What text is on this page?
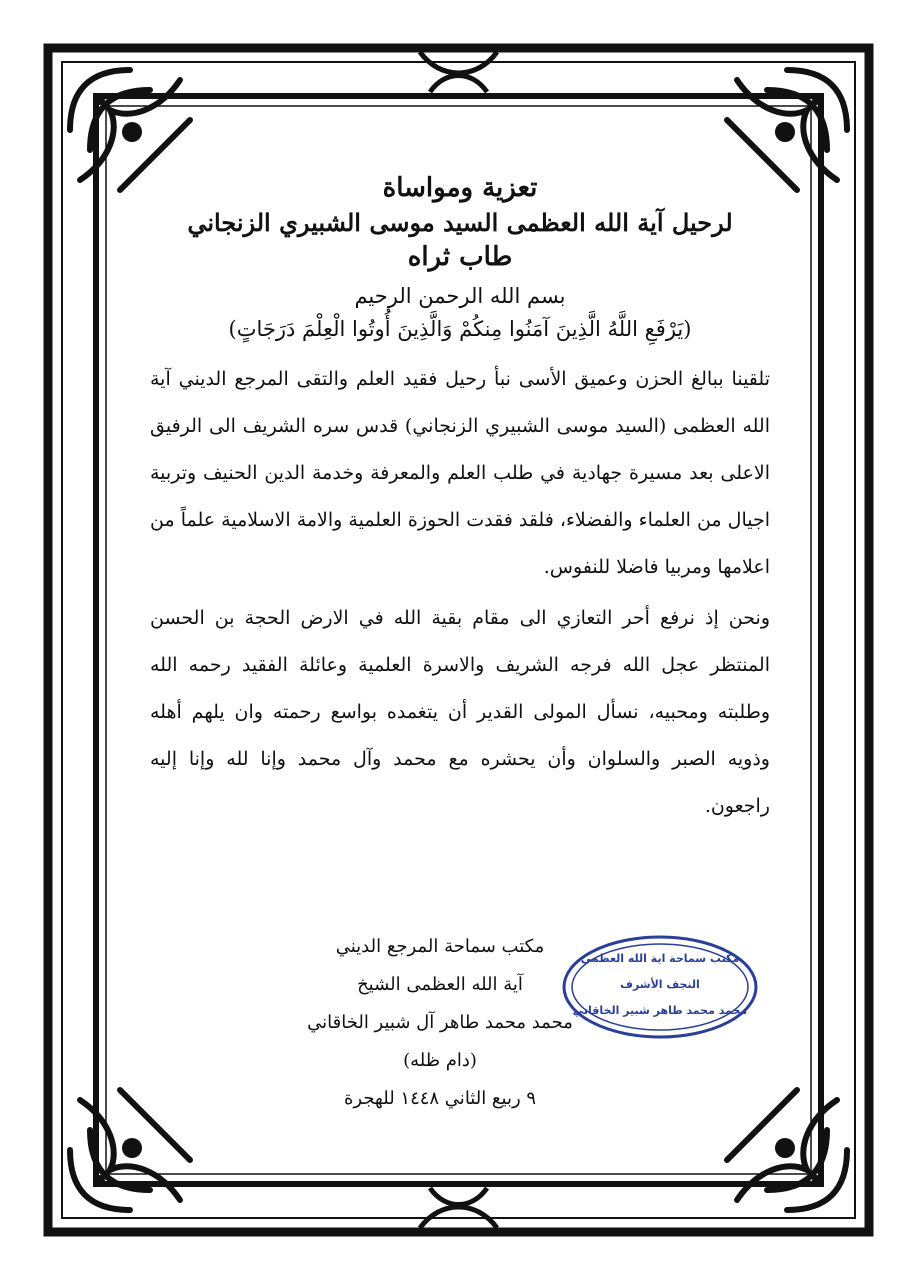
تعزية ومواساة

لرحيل آية الله العظمى السيد موسى الشبيري الزنجاني

طاب ثراه

بسم الله الرحمن الرحيم
(يَرْفَعِ اللَّهُ الَّذِينَ آمَنُوا مِنكُمْ وَالَّذِينَ أُوتُوا الْعِلْمَ دَرَجَاتٍ)

تلقينا ببالغ الحزن وعميق الأسى نبأ رحيل فقيد العلم والتقى المرجع الديني آية الله العظمى (السيد موسى الشبيري الزنجاني) قدس سره الشريف الى الرفيق الاعلى بعد مسيرة جهادية في طلب العلم والمعرفة وخدمة الدين الحنيف وتربية اجيال من العلماء والفضلاء، فلقد فقدت الحوزة العلمية والامة الاسلامية علماً من اعلامها ومربيا فاضلا للنفوس.

ونحن إذ نرفع أحر التعازي الى مقام بقية الله في الارض الحجة بن الحسن المنتظر عجل الله فرجه الشريف والاسرة العلمية وعائلة الفقيد رحمه الله وطلبته ومحبيه، نسأل المولى القدير أن يتغمده بواسع رحمته وان يلهم أهله وذويه الصبر والسلوان وأن يحشره مع محمد وآل محمد وإنا لله وإنا إليه راجعون.

مكتب سماحة المرجع الديني
آية الله العظمى الشيخ
محمد محمد طاهر آل شبير الخاقاني (دام ظله)
٩ ربيع الثاني ١٤٤٨ للهجرة
مكتب سماحة اية الله العظمى
النجف الأشرف
محمد محمد طاهر شبير الخاقاني
